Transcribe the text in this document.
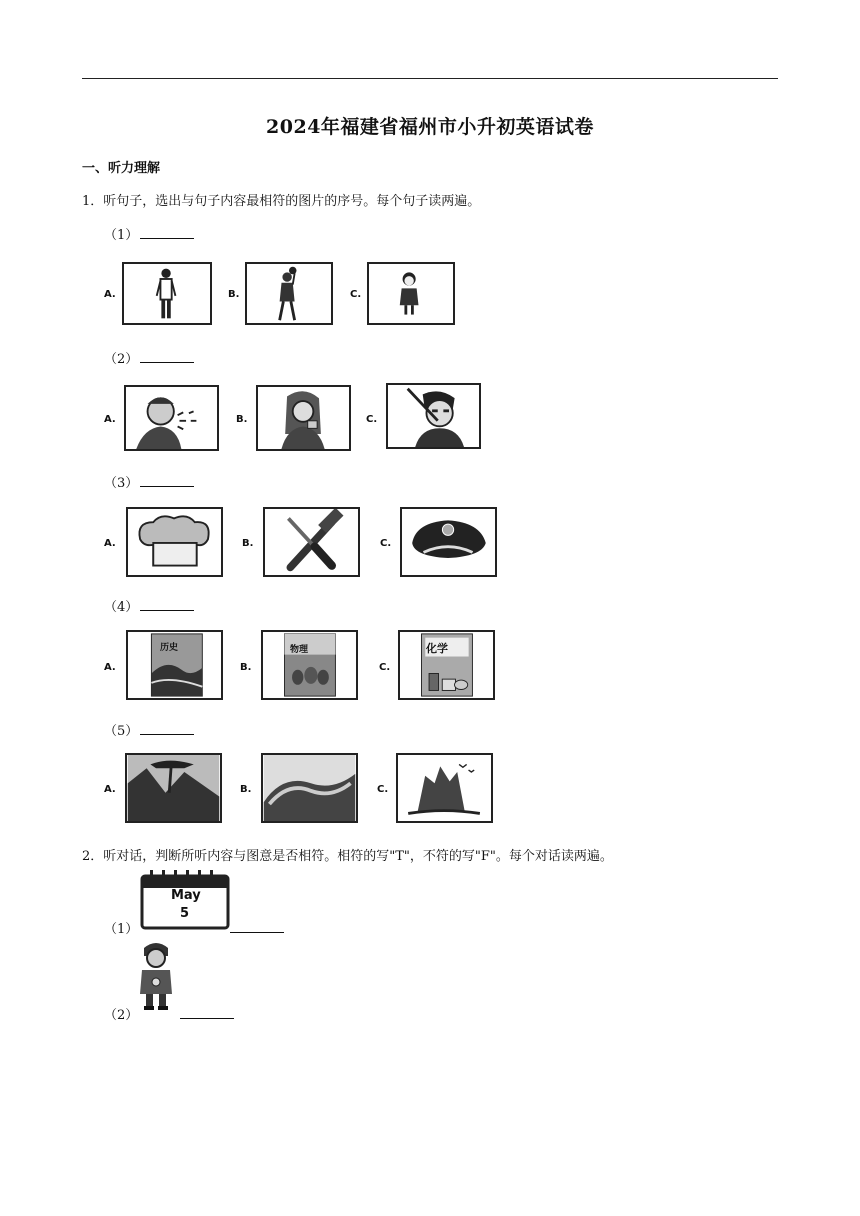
2024年福建省福州市小升初英语试卷
一、听力理解
1．听句子，选出与句子内容最相符的图片的序号。每个句子读两遍。
（1）
A.	B.	C.
（2）
A.	B.	C.
（3）
A.	B.	C.
（4）
A.
历史
B.
物理
C.
化学
（5）
A.	B.	C.
2．听对话，判断所听内容与图意是否相符。相符的写"T"，不符的写"F"。每个对话读两遍。
（1）
May
5
（2）
